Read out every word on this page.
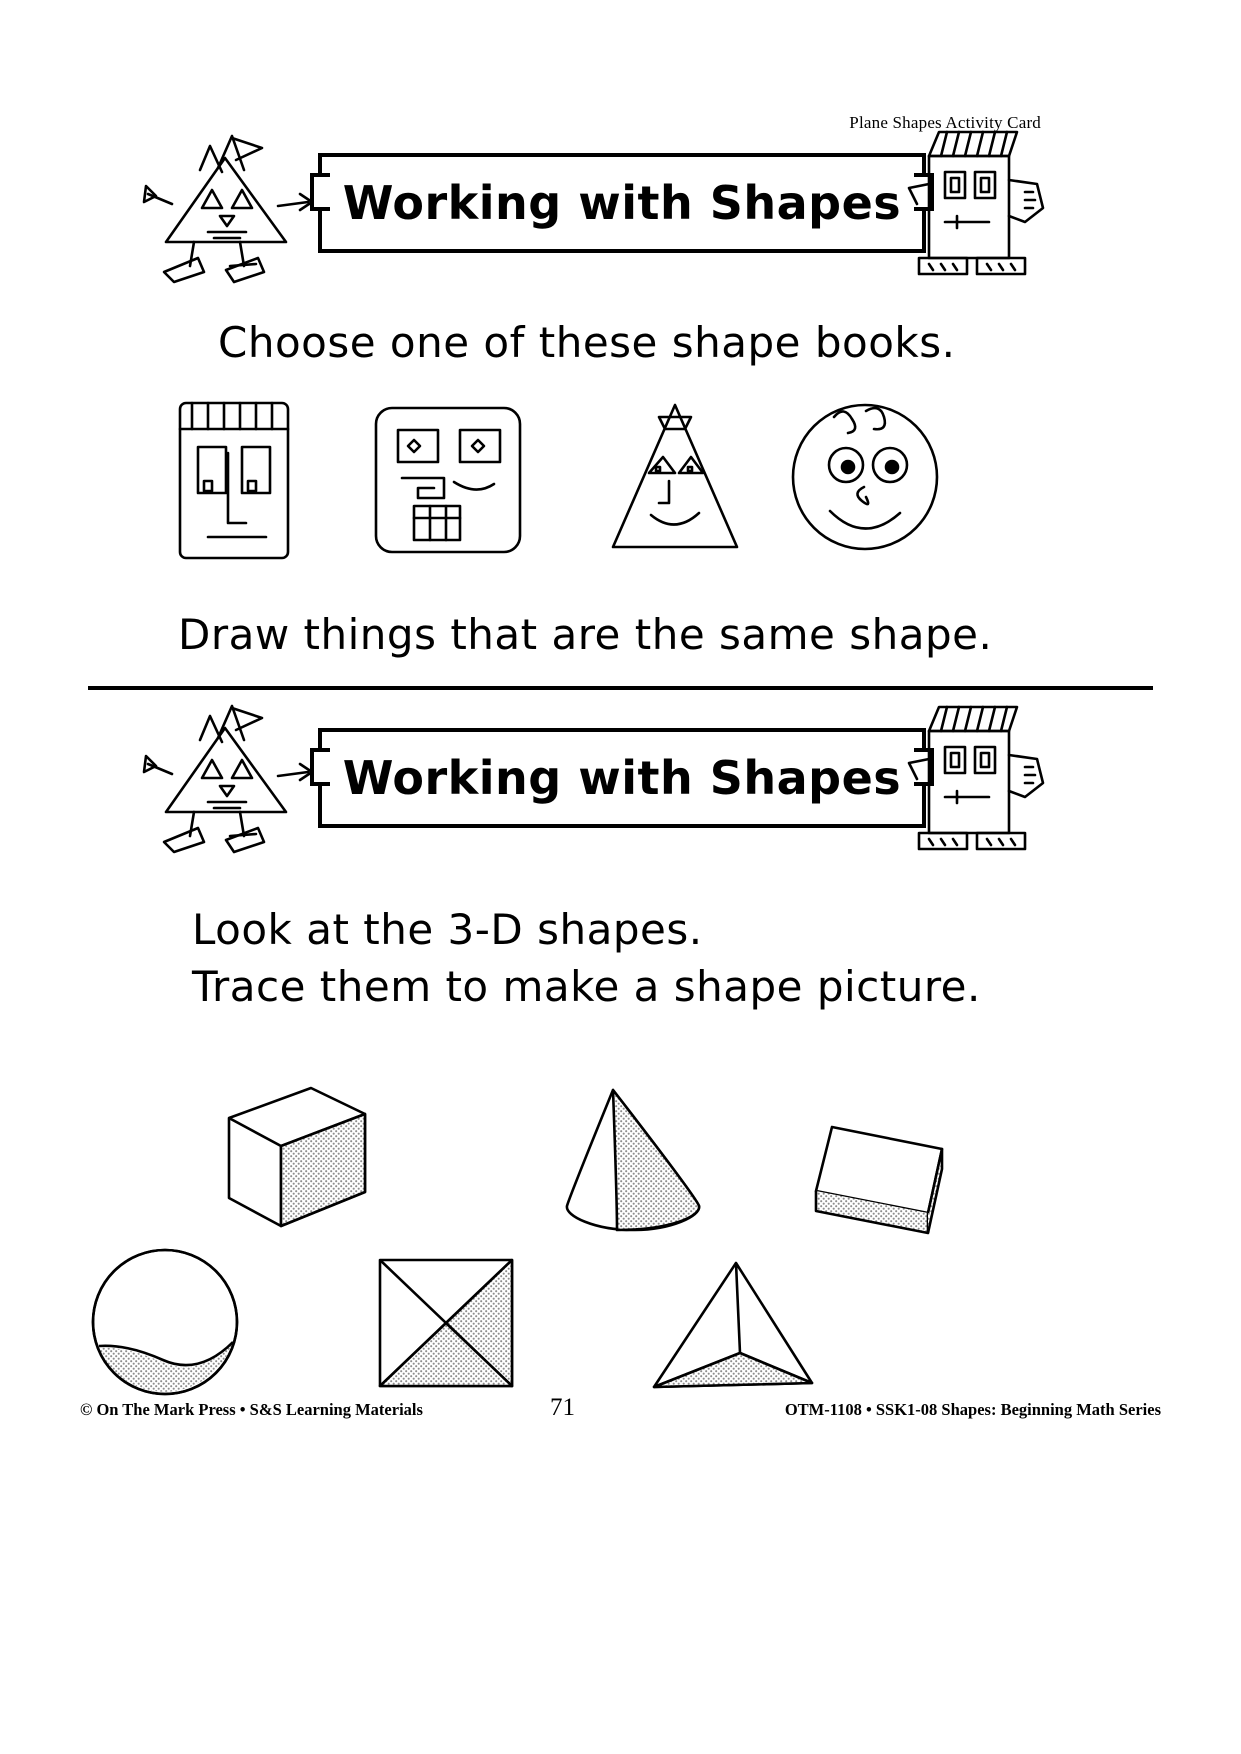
Plane Shapes Activity Card
Working with Shapes
Choose one of these shape books.
Draw things that are the same shape.
Working with Shapes
Look at the 3-D shapes.
Trace them to make a shape picture.
© On The Mark Press • S&S Learning Materials	71	OTM-1108 • SSK1-08 Shapes: Beginning Math Series
